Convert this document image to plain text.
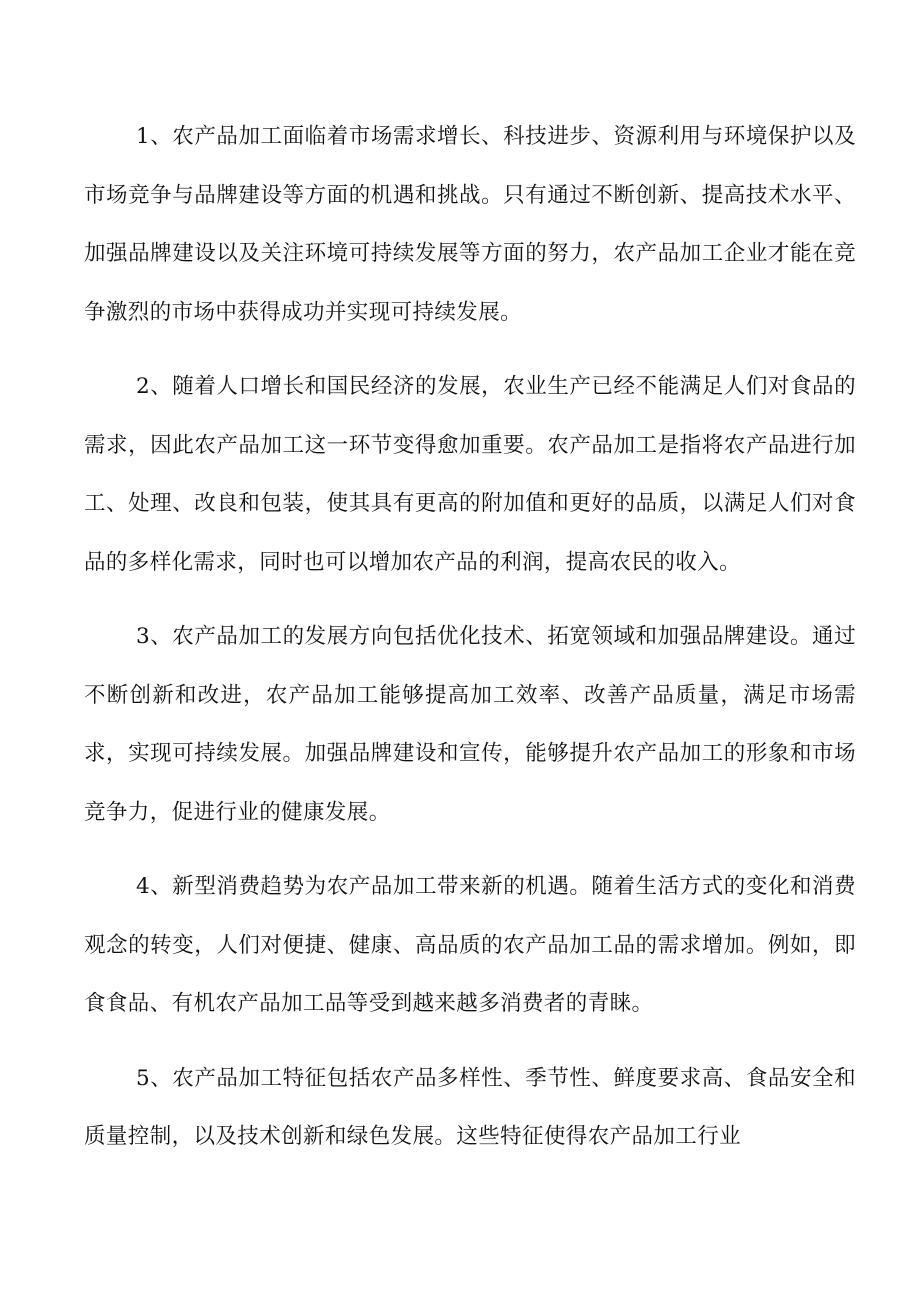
1、农产品加工面临着市场需求增长、科技进步、资源利用与环境保护以及市场竞争与品牌建设等方面的机遇和挑战。只有通过不断创新、提高技术水平、加强品牌建设以及关注环境可持续发展等方面的努力，农产品加工企业才能在竞争激烈的市场中获得成功并实现可持续发展。

2、随着人口增长和国民经济的发展，农业生产已经不能满足人们对食品的需求，因此农产品加工这一环节变得愈加重要。农产品加工是指将农产品进行加工、处理、改良和包装，使其具有更高的附加值和更好的品质，以满足人们对食品的多样化需求，同时也可以增加农产品的利润，提高农民的收入。

3、农产品加工的发展方向包括优化技术、拓宽领域和加强品牌建设。通过不断创新和改进，农产品加工能够提高加工效率、改善产品质量，满足市场需求，实现可持续发展。加强品牌建设和宣传，能够提升农产品加工的形象和市场竞争力，促进行业的健康发展。

4、新型消费趋势为农产品加工带来新的机遇。随着生活方式的变化和消费观念的转变，人们对便捷、健康、高品质的农产品加工品的需求增加。例如，即食食品、有机农产品加工品等受到越来越多消费者的青睐。

5、农产品加工特征包括农产品多样性、季节性、鲜度要求高、食品安全和质量控制，以及技术创新和绿色发展。这些特征使得农产品加工行业
